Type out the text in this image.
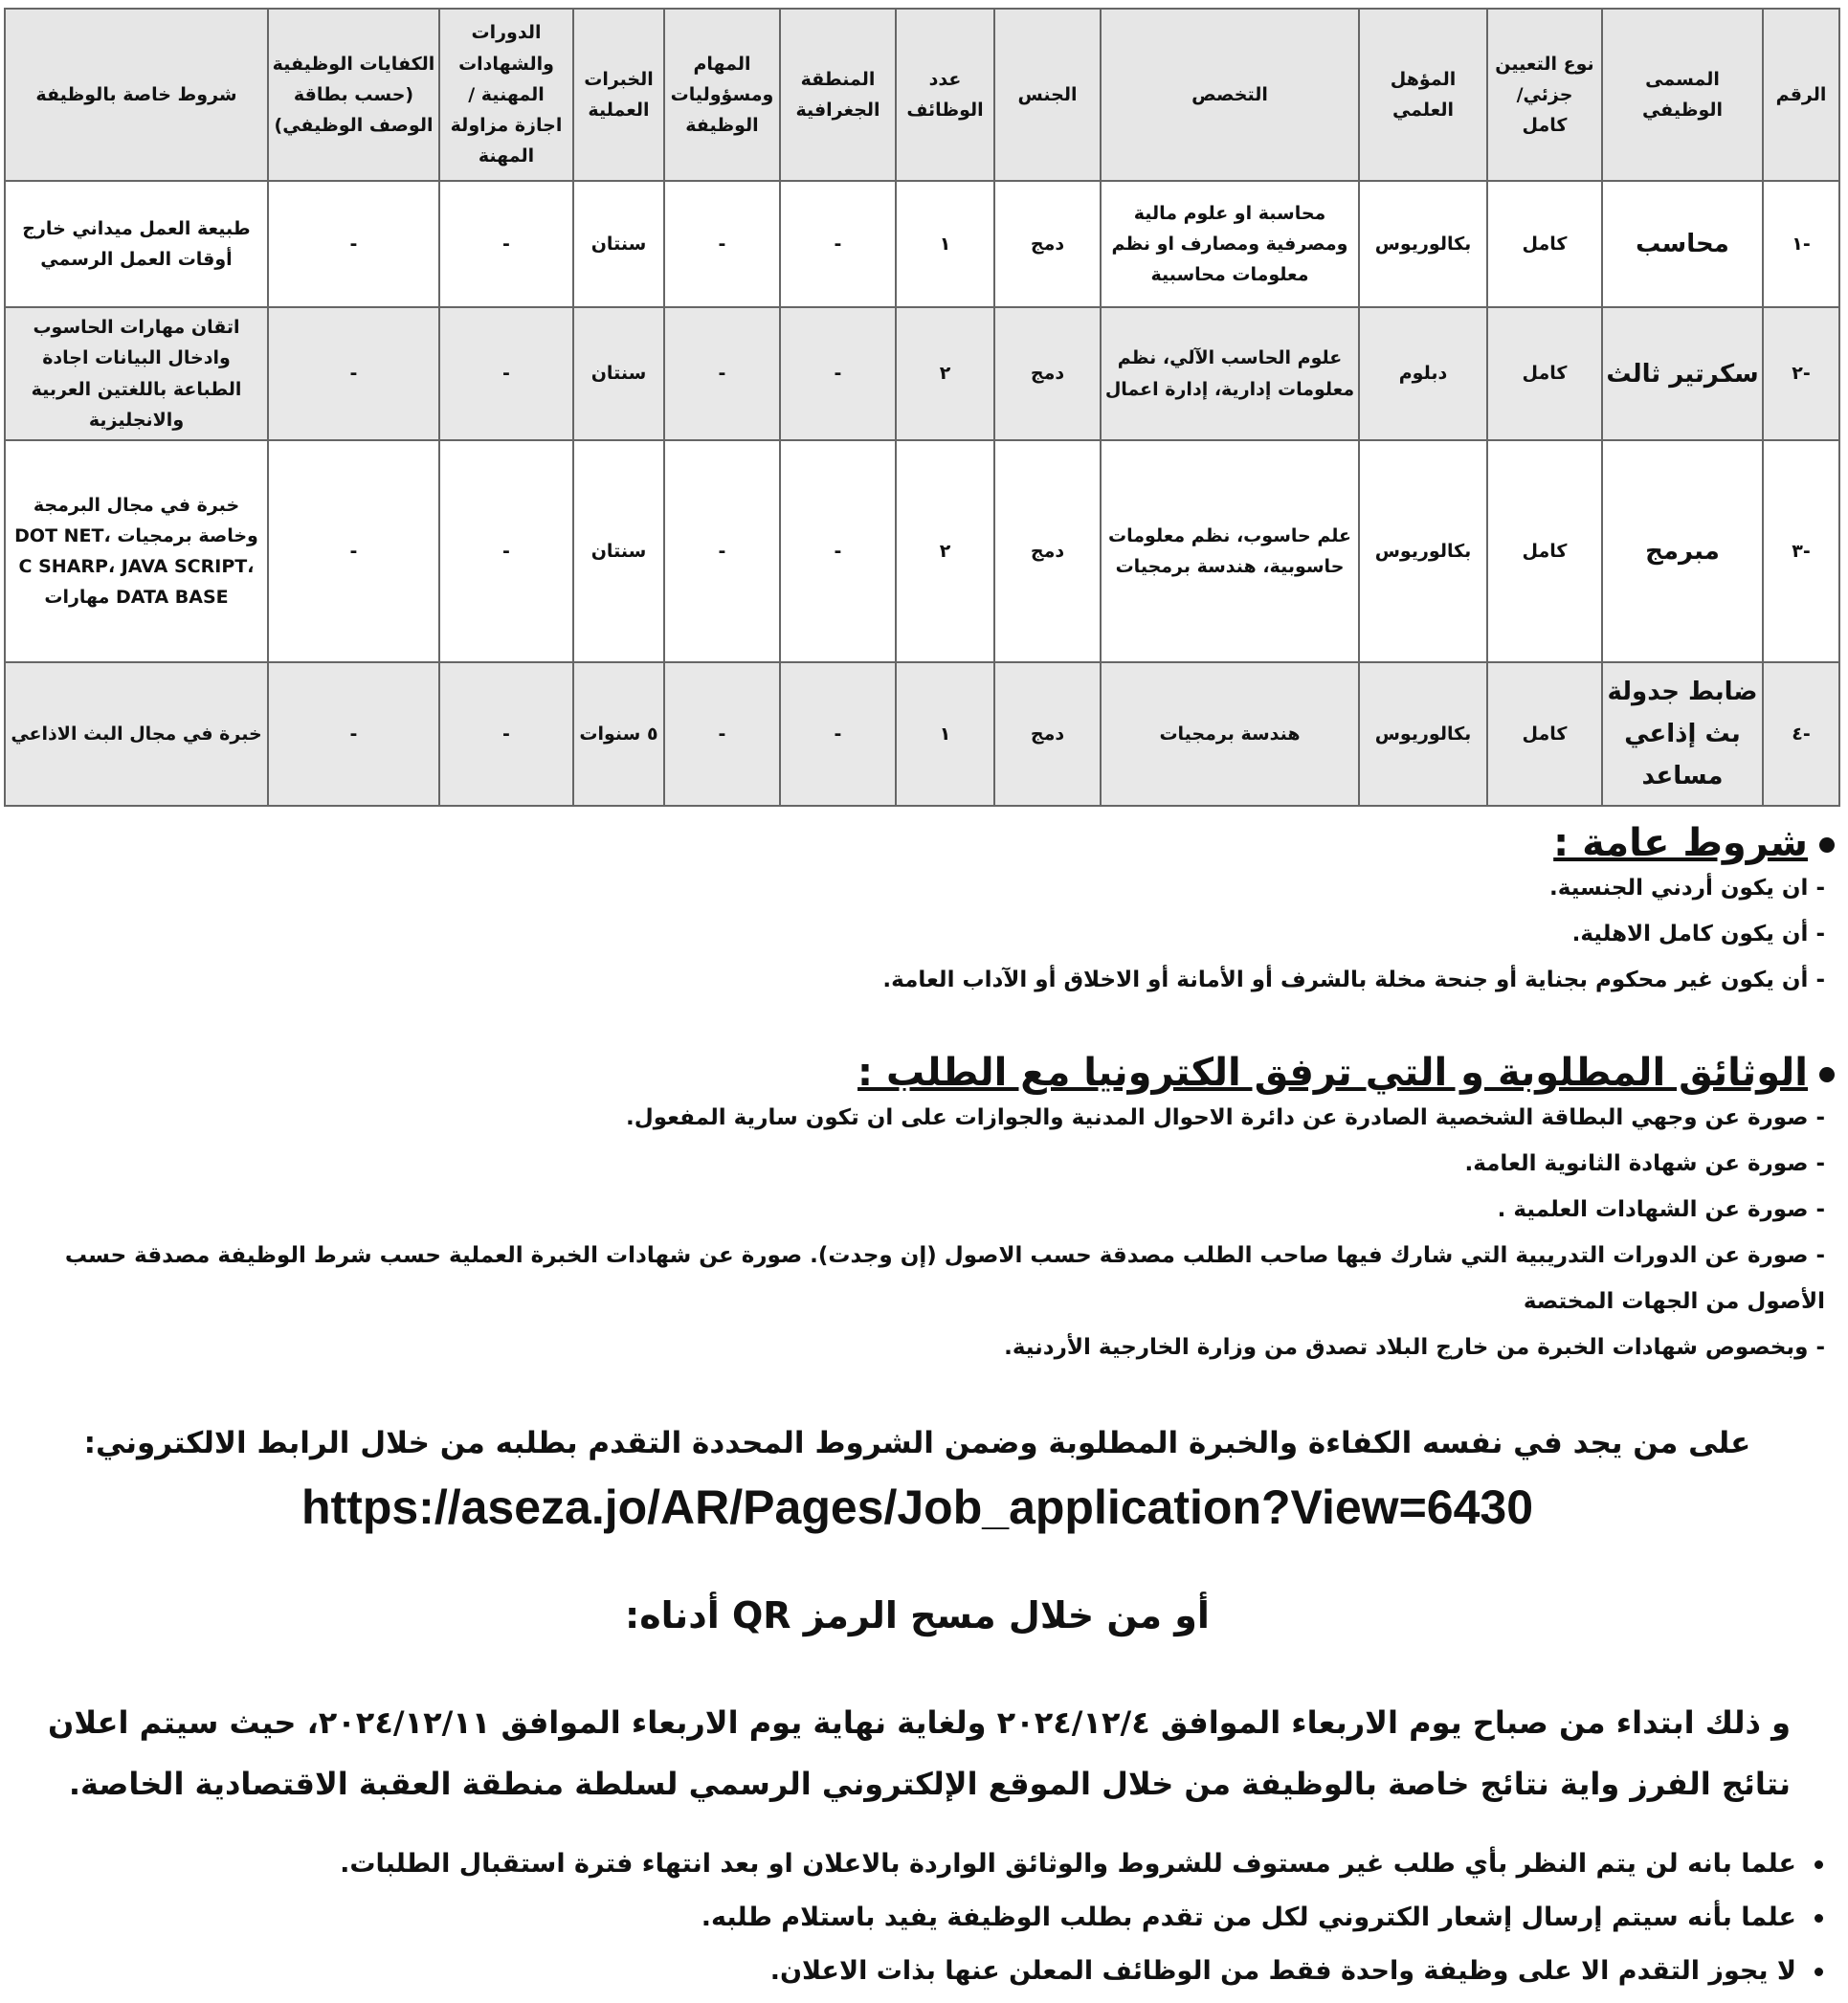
الرقم	المسمى الوظيفي	نوع التعيين جزئي/ كامل	المؤهل العلمي	التخصص	الجنس	عدد الوظائف	المنطقة الجغرافية	المهام ومسؤوليات الوظيفة	الخبرات العملية	الدورات والشهادات المهنية / اجازة مزاولة المهنة	الكفايات الوظيفية (حسب بطاقة الوصف الوظيفي)	شروط خاصة بالوظيفة
-١	محاسب	كامل	بكالوريوس	محاسبة او علوم مالية ومصرفية ومصارف او نظم معلومات محاسبية	دمج	١	-	-	سنتان	-	-	طبيعة العمل ميداني خارج أوقات العمل الرسمي
-٢	سكرتير ثالث	كامل	دبلوم	علوم الحاسب الآلي، نظم معلومات إدارية، إدارة اعمال	دمج	٢	-	-	سنتان	-	-	اتقان مهارات الحاسوب وادخال البيانات اجادة الطباعة باللغتين العربية والانجليزية
-٣	مبرمج	كامل	بكالوريوس	علم حاسوب، نظم معلومات حاسوبية، هندسة برمجيات	دمج	٢	-	-	سنتان	-	-	خبرة في مجال البرمجة وخاصة برمجيات DOT NET، C SHARP، JAVA SCRIPT، DATA BASE مهارات
-٤	ضابط جدولة بث إذاعي مساعد	كامل	بكالوريوس	هندسة برمجيات	دمج	١	-	-	٥ سنوات	-	-	خبرة في مجال البث الاذاعي
شروط عامة :
- ان يكون أردني الجنسية.
- أن يكون كامل الاهلية.
- أن يكون غير محكوم بجناية أو جنحة مخلة بالشرف أو الأمانة أو الاخلاق أو الآداب العامة.
الوثائق المطلوبة و التي ترفق الكترونيا مع الطلب :
- صورة عن وجهي البطاقة الشخصية الصادرة عن دائرة الاحوال المدنية والجوازات على ان تكون سارية المفعول.
- صورة عن شهادة الثانوية العامة.
- صورة عن الشهادات العلمية .
- صورة عن الدورات التدريبية التي شارك فيها صاحب الطلب مصدقة حسب الاصول (إن وجدت). صورة عن شهادات الخبرة العملية حسب شرط الوظيفة مصدقة حسب الأصول من الجهات المختصة
- وبخصوص شهادات الخبرة من خارج البلاد تصدق من وزارة الخارجية الأردنية.
على من يجد في نفسه الكفاءة والخبرة المطلوبة وضمن الشروط المحددة التقدم بطلبه من خلال الرابط الالكتروني:
https://aseza.jo/AR/Pages/Job_application?View=6430
أو من خلال مسح الرمز QR أدناه:
و ذلك ابتداء من صباح يوم الاربعاء الموافق ٢٠٢٤/١٢/٤ ولغاية نهاية يوم الاربعاء الموافق ٢٠٢٤/١٢/١١، حيث سيتم اعلان نتائج الفرز واية نتائج خاصة بالوظيفة من خلال الموقع الإلكتروني الرسمي لسلطة منطقة العقبة الاقتصادية الخاصة.
علما بانه لن يتم النظر بأي طلب غير مستوف للشروط والوثائق الواردة بالاعلان او بعد انتهاء فترة استقبال الطلبات.
علما بأنه سيتم إرسال إشعار الكتروني لكل من تقدم بطلب الوظيفة يفيد باستلام طلبه.
لا يجوز التقدم الا على وظيفة واحدة فقط من الوظائف المعلن عنها بذات الاعلان.
